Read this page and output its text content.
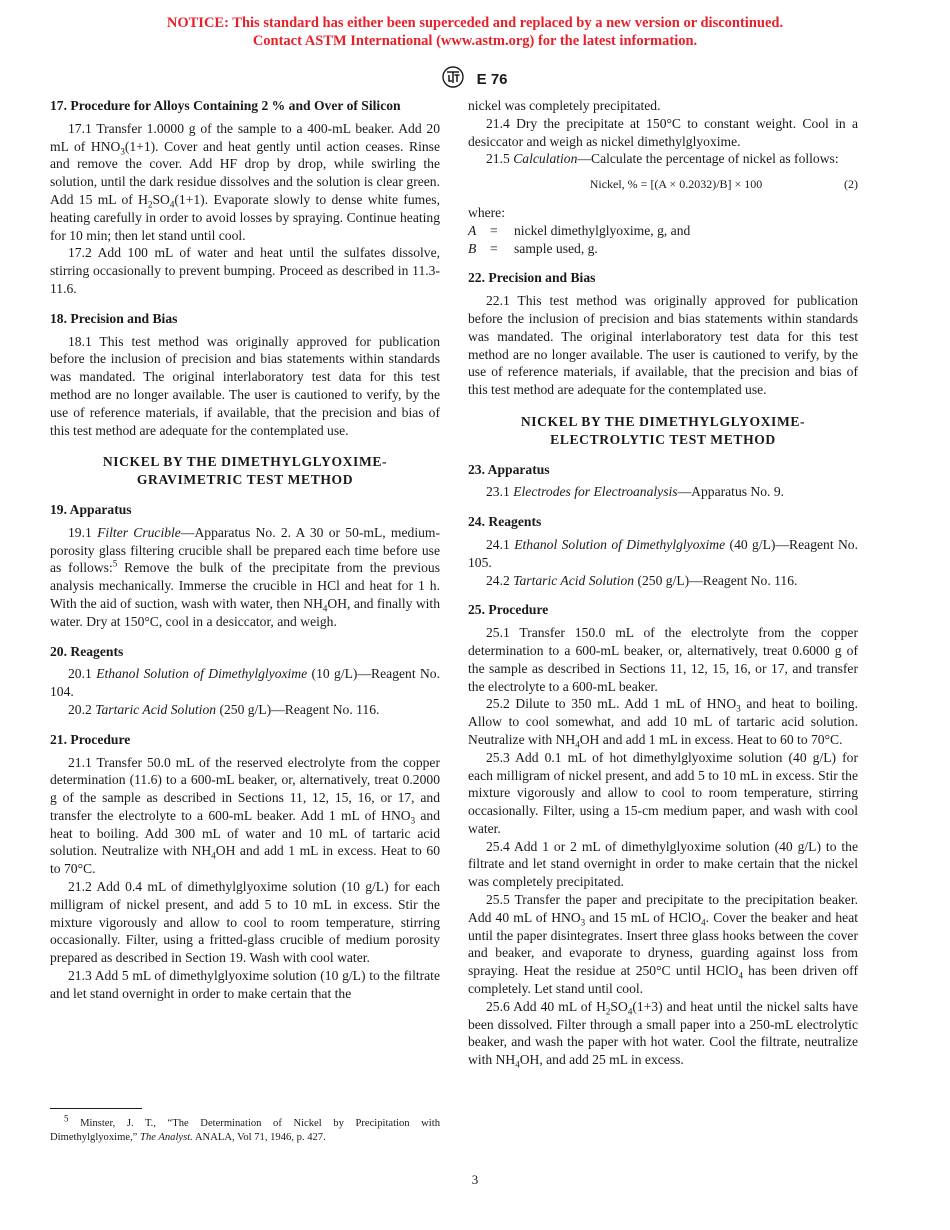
NOTICE: This standard has either been superceded and replaced by a new version or discontinued.
Contact ASTM International (www.astm.org) for the latest information.
E 76
17. Procedure for Alloys Containing 2 % and Over of Silicon

17.1 Transfer 1.0000 g of the sample to a 400-mL beaker. Add 20 mL of $HNO_3(1+1)$. Cover and heat gently until action ceases. Rinse and remove the cover. Add HF drop by drop, while swirling the solution, until the dark residue dissolves and the solution is clear green. Add 15 mL of $H_2SO_4(1+1)$. Evaporate slowly to dense white fumes, heating carefully in order to avoid losses by spraying. Continue heating for 10 min; then let stand until cool.

17.2 Add 100 mL of water and heat until the sulfates dissolve, stirring occasionally to prevent bumping. Proceed as described in 11.3-11.6.

18. Precision and Bias

18.1 This test method was originally approved for publication before the inclusion of precision and bias statements within standards was mandated. The original interlaboratory test data for this test method are no longer available. The user is cautioned to verify, by the use of reference materials, if available, that the precision and bias of this test method are adequate for the contemplated use.

NICKEL BY THE DIMETHYLGLYOXIME-
GRAVIMETRIC TEST METHOD
19. Apparatus

19.1 Filter Crucible—Apparatus No. 2. A 30 or 50-mL, medium-porosity glass filtering crucible shall be prepared each time before use as follows:$^5$ Remove the bulk of the precipitate from the previous analysis mechanically. Immerse the crucible in HCl and heat for 1 h. With the aid of suction, wash with water, then $NH_4OH$, and finally with water. Dry at 150°C, cool in a desiccator, and weigh.

20. Reagents

20.1 Ethanol Solution of Dimethylglyoxime (10 g/L)—Reagent No. 104.

20.2 Tartaric Acid Solution (250 g/L)—Reagent No. 116.

21. Procedure

21.1 Transfer 50.0 mL of the reserved electrolyte from the copper determination (11.6) to a 600-mL beaker, or, alternatively, treat 0.2000 g of the sample as described in Sections 11, 12, 15, 16, or 17, and transfer the electrolyte to a 600-mL beaker. Add 1 mL of $HNO_3$ and heat to boiling. Add 300 mL of water and 10 mL of tartaric acid solution. Neutralize with $NH_4OH$ and add 1 mL in excess. Heat to 60 to 70°C.

21.2 Add 0.4 mL of dimethylglyoxime solution (10 g/L) for each milligram of nickel present, and add 5 to 10 mL in excess. Stir the mixture vigorously and allow to cool to room temperature, stirring occasionally. Filter, using a fritted-glass crucible of medium porosity prepared as described in Section 19. Wash with cool water.

21.3 Add 5 mL of dimethylglyoxime solution (10 g/L) to the filtrate and let stand overnight in order to make certain that the

$^5$ Minster, J. T., “The Determination of Nickel by Precipitation with Dimethylglyoxime,” The Analyst. ANALA, Vol 71, 1946, p. 427.

nickel was completely precipitated.

21.4 Dry the precipitate at 150°C to constant weight. Cool in a desiccator and weigh as nickel dimethylglyoxime.

21.5 Calculation—Calculate the percentage of nickel as follows:

Nickel, % = [(A × 0.2032)/B] × 100	(2)

where:

A	=	nickel dimethylglyoxime, g, and
B	=	sample used, g.
22. Precision and Bias

22.1 This test method was originally approved for publication before the inclusion of precision and bias statements within standards was mandated. The original interlaboratory test data for this test method are no longer available. The user is cautioned to verify, by the use of reference materials, if available, that the precision and bias of this test method are adequate for the contemplated use.

NICKEL BY THE DIMETHYLGLYOXIME-
ELECTROLYTIC TEST METHOD
23. Apparatus

23.1 Electrodes for Electroanalysis—Apparatus No. 9.

24. Reagents

24.1 Ethanol Solution of Dimethylglyoxime (40 g/L)—Reagent No. 105.

24.2 Tartaric Acid Solution (250 g/L)—Reagent No. 116.

25. Procedure

25.1 Transfer 150.0 mL of the electrolyte from the copper determination to a 600-mL beaker, or, alternatively, treat 0.6000 g of the sample as described in Sections 11, 12, 15, 16, or 17, and transfer the electrolyte to a 600-mL beaker.

25.2 Dilute to 350 mL. Add 1 mL of $HNO_3$ and heat to boiling. Allow to cool somewhat, and add 10 mL of tartaric acid solution. Neutralize with $NH_4OH$ and add 1 mL in excess. Heat to 60 to 70°C.

25.3 Add 0.1 mL of hot dimethylglyoxime solution (40 g/L) for each milligram of nickel present, and add 5 to 10 mL in excess. Stir the mixture vigorously and allow to cool to room temperature, stirring occasionally. Filter, using a 15-cm medium paper, and wash with cool water.

25.4 Add 1 or 2 mL of dimethylglyoxime solution (40 g/L) to the filtrate and let stand overnight in order to make certain that the nickel was completely precipitated.

25.5 Transfer the paper and precipitate to the precipitation beaker. Add 40 mL of $HNO_3$ and 15 mL of HClO$_4$. Cover the beaker and heat until the paper disintegrates. Insert three glass hooks between the cover and beaker, and evaporate to dryness, guarding against loss from spraying. Heat the residue at 250°C until HClO$_4$ has been driven off completely. Let stand until cool.

25.6 Add 40 mL of $H_2SO_4(1+3)$ and heat until the nickel salts have been dissolved. Filter through a small paper into a 250-mL electrolytic beaker, and wash the paper with hot water. Cool the filtrate, neutralize with $NH_4OH$, and add 25 mL in excess.

3
